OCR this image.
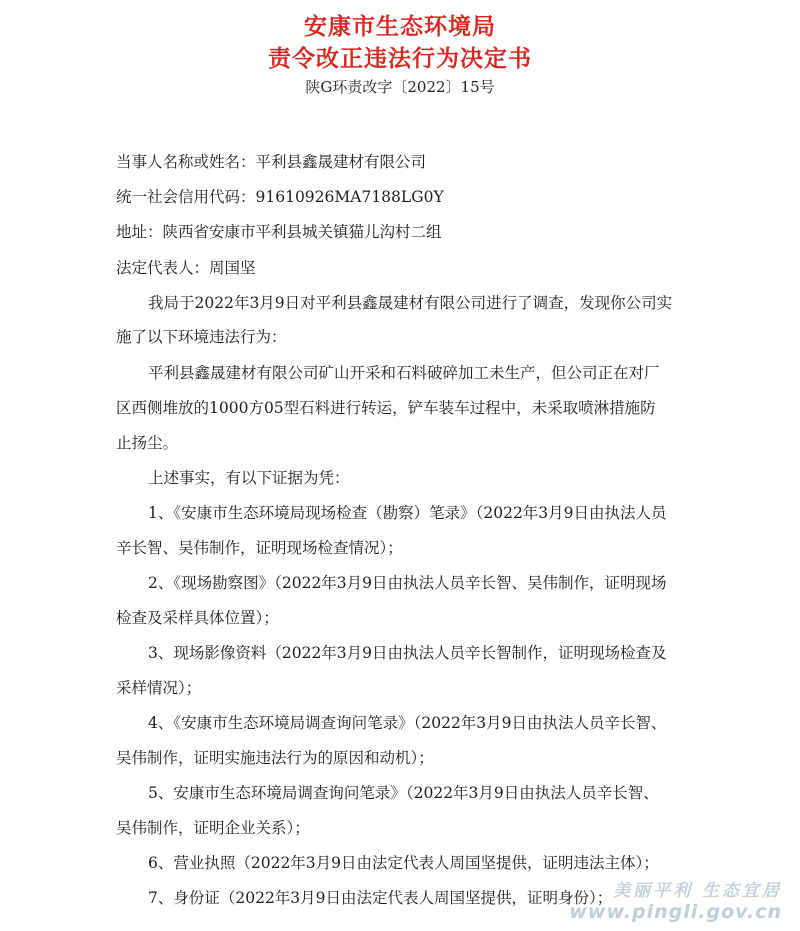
安康市生态环境局
责令改正违法行为决定书
陕G环责改字〔2022〕15号
当事人名称或姓名：平利县鑫晟建材有限公司
统一社会信用代码：91610926MA7188LG0Y
地址：陕西省安康市平利县城关镇猫儿沟村二组
法定代表人：周国坚
我局于2022年3月9日对平利县鑫晟建材有限公司进行了调查，发现你公司实
施了以下环境违法行为：
平利县鑫晟建材有限公司矿山开采和石料破碎加工未生产，但公司正在对厂
区西侧堆放的1000方05型石料进行转运，铲车装车过程中，未采取喷淋措施防
止扬尘。
上述事实，有以下证据为凭：
1、《安康市生态环境局现场检查（勘察）笔录》（2022年3月9日由执法人员
辛长智、吴伟制作，证明现场检查情况）；
2、《现场勘察图》（2022年3月9日由执法人员辛长智、吴伟制作，证明现场
检查及采样具体位置）；
3、现场影像资料（2022年3月9日由执法人员辛长智制作，证明现场检查及
采样情况）；
4、《安康市生态环境局调查询问笔录》（2022年3月9日由执法人员辛长智、
吴伟制作，证明实施违法行为的原因和动机）；
5、安康市生态环境局调查询问笔录》（2022年3月9日由执法人员辛长智、
吴伟制作，证明企业关系）；
6、营业执照（2022年3月9日由法定代表人周国坚提供，证明违法主体）；
7、身份证（2022年3月9日由法定代表人周国坚提供，证明身份）； 美丽平利 生态宜居
www.pingli.gov.cn
